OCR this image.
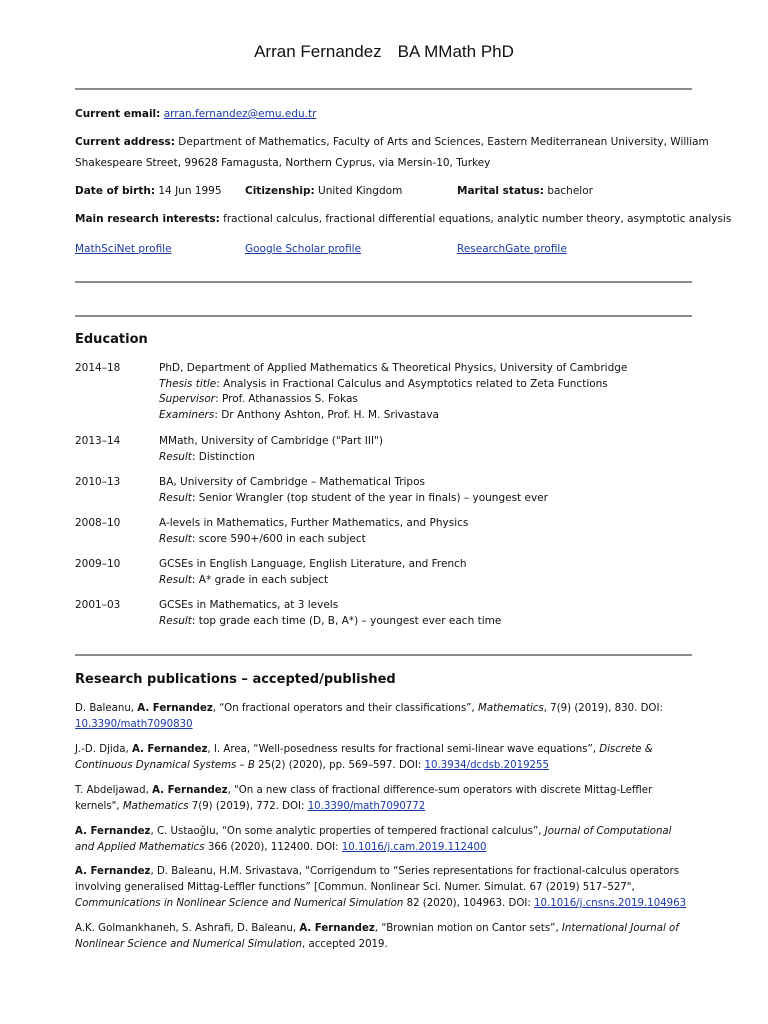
Arran Fernandez BA MMath PhD
Current email: arran.fernandez@emu.edu.tr
Current address: Department of Mathematics, Faculty of Arts and Sciences, Eastern Mediterranean University, William
Shakespeare Street, 99628 Famagusta, Northern Cyprus, via Mersin-10, Turkey
Date of birth: 14 Jun 1995 Citizenship: United Kingdom	Marital status: bachelor
Main research interests: fractional calculus, fractional differential equations, analytic number theory, asymptotic analysis
MathSciNet profile	Google Scholar profile	ResearchGate profile
Education
2014–18	PhD, Department of Applied Mathematics & Theoretical Physics, University of Cambridge
Thesis title: Analysis in Fractional Calculus and Asymptotics related to Zeta Functions
Supervisor: Prof. Athanassios S. Fokas
Examiners: Dr Anthony Ashton, Prof. H. M. Srivastava
2013–14	MMath, University of Cambridge ("Part III")
Result: Distinction
2010–13	BA, University of Cambridge – Mathematical Tripos
Result: Senior Wrangler (top student of the year in finals) – youngest ever
2008–10	A-levels in Mathematics, Further Mathematics, and Physics
Result: score 590+/600 in each subject
2009–10	GCSEs in English Language, English Literature, and French
Result: A* grade in each subject
2001–03	GCSEs in Mathematics, at 3 levels
Result: top grade each time (D, B, A*) – youngest ever each time
Research publications – accepted/published
D. Baleanu, A. Fernandez, “On fractional operators and their classifications”, Mathematics, 7(9) (2019), 830. DOI: 10.3390/math7090830
J.-D. Djida, A. Fernandez, I. Area, “Well-posedness results for fractional semi-linear wave equations”, Discrete & Continuous Dynamical Systems – B 25(2) (2020), pp. 569–597. DOI: 10.3934/dcdsb.2019255
T. Abdeljawad, A. Fernandez, "On a new class of fractional difference-sum operators with discrete Mittag-Leffler kernels", Mathematics 7(9) (2019), 772. DOI: 10.3390/math7090772
A. Fernandez, C. Ustaoğlu, “On some analytic properties of tempered fractional calculus”, Journal of Computational and Applied Mathematics 366 (2020), 112400. DOI: 10.1016/j.cam.2019.112400
A. Fernandez, D. Baleanu, H.M. Srivastava, "Corrigendum to “Series representations for fractional-calculus operators involving generalised Mittag-Leffler functions” [Commun. Nonlinear Sci. Numer. Simulat. 67 (2019) 517–527", Communications in Nonlinear Science and Numerical Simulation 82 (2020), 104963. DOI: 10.1016/j.cnsns.2019.104963
A.K. Golmankhaneh, S. Ashrafi, D. Baleanu, A. Fernandez, “Brownian motion on Cantor sets”, International Journal of Nonlinear Science and Numerical Simulation, accepted 2019.
